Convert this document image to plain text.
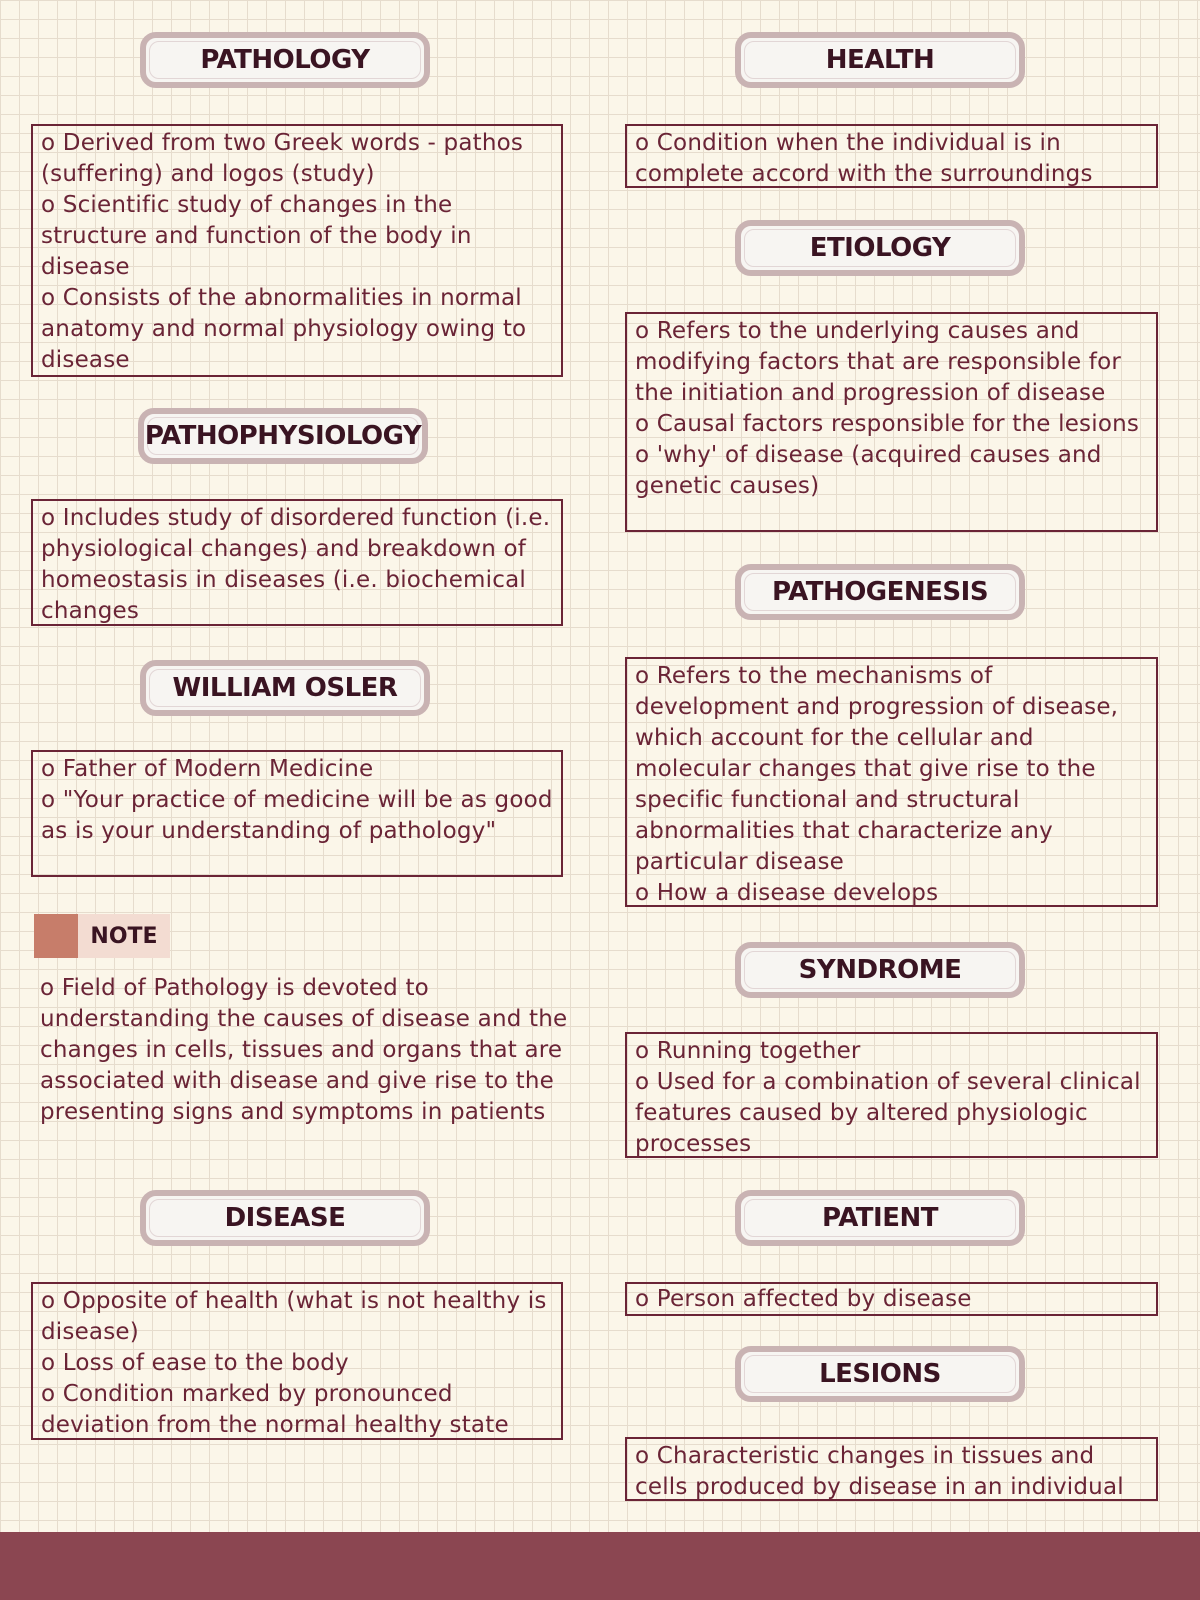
PATHOLOGY

o Derived from two Greek words - pathos (suffering) and logos (study)

o Scientific study of changes in the structure and function of the body in disease

o Consists of the abnormalities in normal anatomy and normal physiology owing to disease

PATHOPHYSIOLOGY

o Includes study of disordered function (i.e. physiological changes) and breakdown of homeostasis in diseases (i.e. biochemical changes

WILLIAM OSLER

o Father of Modern Medicine

o "Your practice of medicine will be as good as is your understanding of pathology"

NOTE

o Field of Pathology is devoted to understanding the causes of disease and the changes in cells, tissues and organs that are associated with disease and give rise to the presenting signs and symptoms in patients

DISEASE

o Opposite of health (what is not healthy is disease)

o Loss of ease to the body

o Condition marked by pronounced deviation from the normal healthy state

HEALTH

o Condition when the individual is in complete accord with the surroundings

ETIOLOGY

o Refers to the underlying causes and modifying factors that are responsible for the initiation and progression of disease

o Causal factors responsible for the lesions

o 'why' of disease (acquired causes and genetic causes)

PATHOGENESIS

o Refers to the mechanisms of development and progression of disease, which account for the cellular and molecular changes that give rise to the specific functional and structural abnormalities that characterize any particular disease

o How a disease develops

SYNDROME

o Running together

o Used for a combination of several clinical features caused by altered physiologic processes

PATIENT

o Person affected by disease

LESIONS

o Characteristic changes in tissues and cells produced by disease in an individual
